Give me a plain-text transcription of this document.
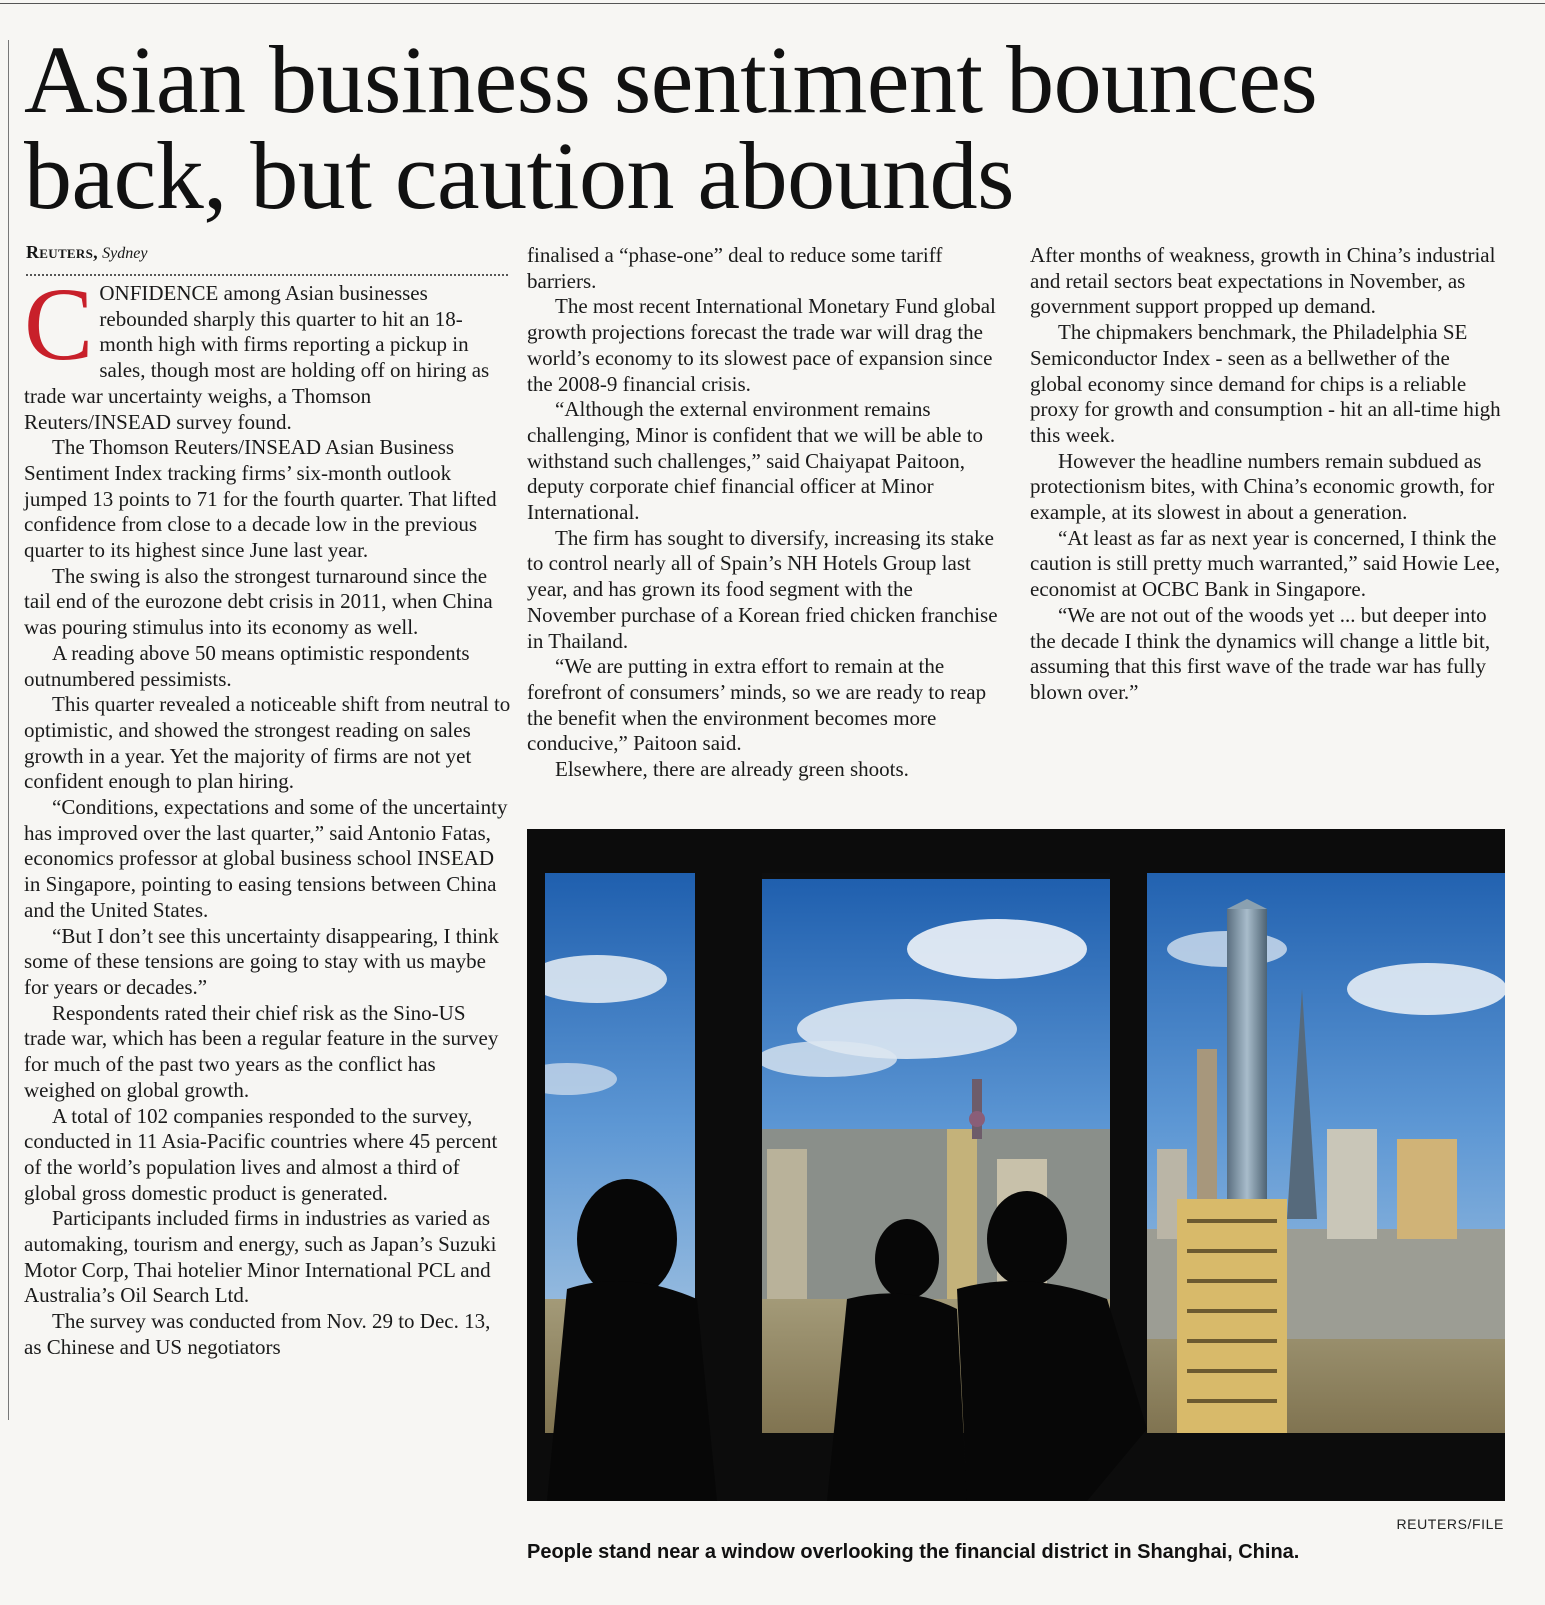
Asian business sentiment bounces
back, but caution abounds
Reuters, Sydney
C ONFIDENCE among Asian businesses rebounded sharply this quarter to hit an 18-month high with firms reporting a pickup in sales, though most are holding off on hiring as trade war uncertainty weighs, a Thomson Reuters/INSEAD survey found.

The Thomson Reuters/INSEAD Asian Business Sentiment Index tracking firms’ six-month outlook jumped 13 points to 71 for the fourth quarter. That lifted confidence from close to a decade low in the previous quarter to its highest since June last year.

The swing is also the strongest turnaround since the tail end of the eurozone debt crisis in 2011, when China was pouring stimulus into its economy as well.

A reading above 50 means optimistic respondents outnumbered pessimists.

This quarter revealed a noticeable shift from neutral to optimistic, and showed the strongest reading on sales growth in a year. Yet the majority of firms are not yet confident enough to plan hiring.

“Conditions, expectations and some of the uncertainty has improved over the last quarter,” said Antonio Fatas, economics professor at global business school INSEAD in Singapore, pointing to easing tensions between China and the United States.

“But I don’t see this uncertainty disappearing, I think some of these tensions are going to stay with us maybe for years or decades.”

Respondents rated their chief risk as the Sino-US trade war, which has been a regular feature in the survey for much of the past two years as the conflict has weighed on global growth.

A total of 102 companies responded to the survey, conducted in 11 Asia-Pacific countries where 45 percent of the world’s population lives and almost a third of global gross domestic product is generated.

Participants included firms in industries as varied as automaking, tourism and energy, such as Japan’s Suzuki Motor Corp, Thai hotelier Minor International PCL and Australia’s Oil Search Ltd.

The survey was conducted from Nov. 29 to Dec. 13, as Chinese and US negotiators

finalised a “phase-one” deal to reduce some tariff barriers.

The most recent International Monetary Fund global growth projections forecast the trade war will drag the world’s economy to its slowest pace of expansion since the 2008-9 financial crisis.

“Although the external environment remains challenging, Minor is confident that we will be able to withstand such challenges,” said Chaiyapat Paitoon, deputy corporate chief financial officer at Minor International.

The firm has sought to diversify, increasing its stake to control nearly all of Spain’s NH Hotels Group last year, and has grown its food segment with the November purchase of a Korean fried chicken franchise in Thailand.

“We are putting in extra effort to remain at the forefront of consumers’ minds, so we are ready to reap the benefit when the environment becomes more conducive,” Paitoon said.

Elsewhere, there are already green shoots.

After months of weakness, growth in China’s industrial and retail sectors beat expectations in November, as government support propped up demand.

The chipmakers benchmark, the Philadelphia SE Semiconductor Index - seen as a bellwether of the global economy since demand for chips is a reliable proxy for growth and consumption - hit an all-time high this week.

However the headline numbers remain subdued as protectionism bites, with China’s economic growth, for example, at its slowest in about a generation.

“At least as far as next year is concerned, I think the caution is still pretty much warranted,” said Howie Lee, economist at OCBC Bank in Singapore.

“We are not out of the woods yet ... but deeper into the decade I think the dynamics will change a little bit, assuming that this first wave of the trade war has fully blown over.”

REUTERS/FILE
People stand near a window overlooking the financial district in Shanghai, China.
